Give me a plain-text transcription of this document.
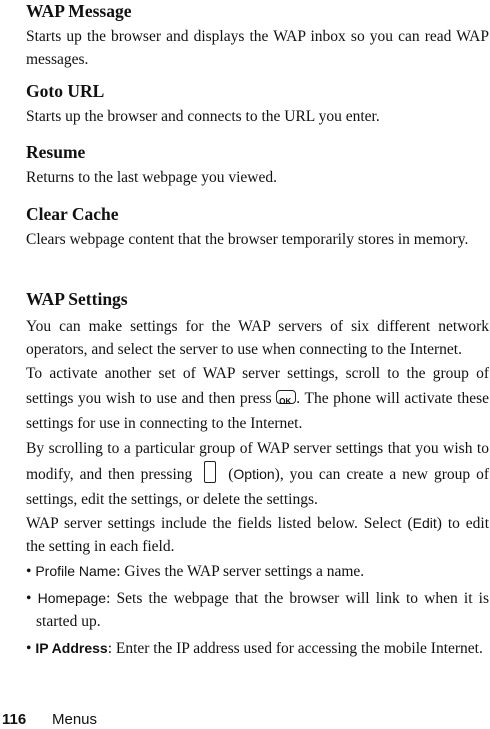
WAP Message

Starts up the browser and displays the WAP inbox so you can read WAP messages.

Goto URL

Starts up the browser and connects to the URL you enter.

Resume

Returns to the last webpage you viewed.

Clear Cache

Clears webpage content that the browser temporarily stores in memory.

WAP Settings

You can make settings for the WAP servers of six different network operators, and select the server to use when connecting to the Internet.

To activate another set of WAP server settings, scroll to the group of settings you wish to use and then press OK. The phone will activate these settings for use in connecting to the Internet.

By scrolling to a particular group of WAP server settings that you wish to modify, and then pressing (Option), you can create a new group of settings, edit the settings, or delete the settings.

WAP server settings include the fields listed below. Select (Edit) to edit the setting in each field.

• Profile Name: Gives the WAP server settings a name.

• Homepage: Sets the webpage that the browser will link to when it is started up.

• IP Address: Enter the IP address used for accessing the mobile Internet.

116 Menus
